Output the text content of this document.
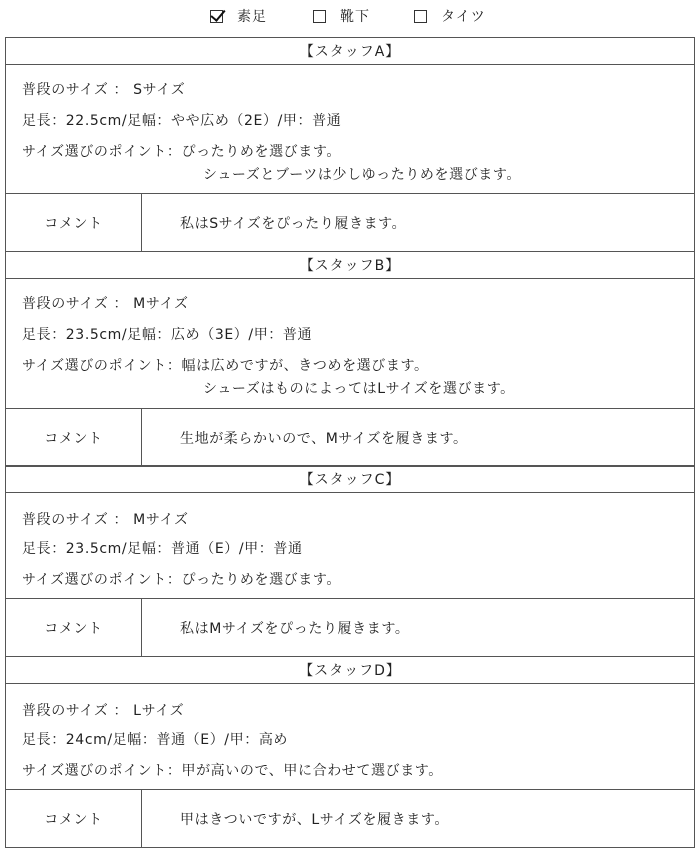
素足	靴下	タイツ
【スタッフA】
普段のサイズ ： Sサイズ
足長：22.5cm/足幅：やや広め（2E）/甲：普通
サイズ選びのポイント：ぴったりめを選びます。
シューズとブーツは少しゆったりめを選びます。
コメント	私はSサイズをぴったり履きます。
【スタッフB】
普段のサイズ ： Mサイズ
足長：23.5cm/足幅：広め（3E）/甲：普通
サイズ選びのポイント：幅は広めですが、きつめを選びます。
シューズはものによってはLサイズを選びます。
コメント	生地が柔らかいので、Mサイズを履きます。
【スタッフC】
普段のサイズ ： Mサイズ
足長：23.5cm/足幅：普通（E）/甲：普通
サイズ選びのポイント：ぴったりめを選びます。
コメント	私はMサイズをぴったり履きます。
【スタッフD】
普段のサイズ ： Lサイズ
足長：24cm/足幅：普通（E）/甲：高め
サイズ選びのポイント：甲が高いので、甲に合わせて選びます。
コメント	甲はきついですが、Lサイズを履きます。
